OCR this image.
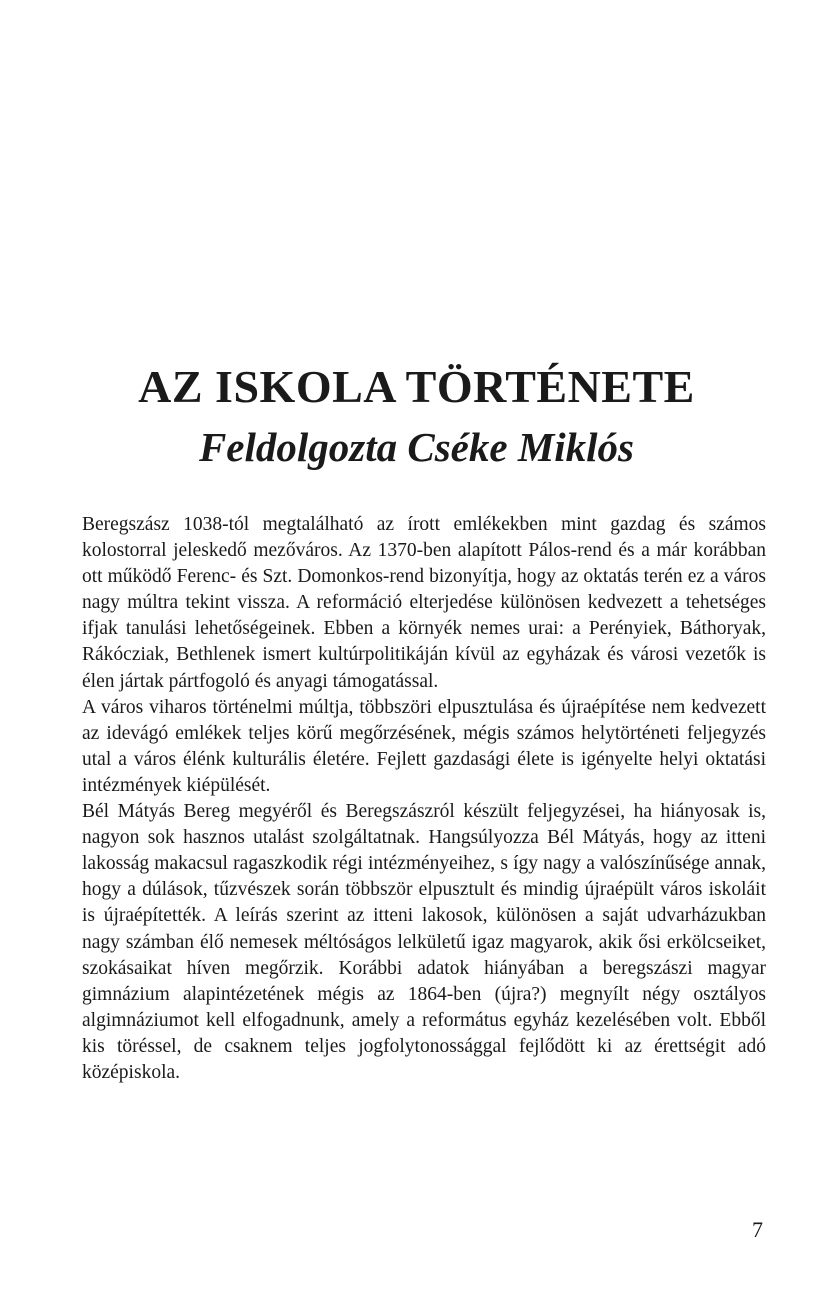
AZ ISKOLA TÖRTÉNETE
Feldolgozta Cséke Miklós

Beregszász 1038-tól megtalálható az írott emlékekben mint gazdag és számos kolostorral jeleskedő mezőváros. Az 1370-ben alapított Pálos-rend és a már korábban ott működő Ferenc- és Szt. Domonkos-rend bizonyítja, hogy az oktatás terén ez a város nagy múltra tekint vissza. A reformáció elterjedése különösen kedvezett a tehetséges ifjak tanulási lehetőségeinek. Ebben a környék nemes urai: a Perényiek, Báthoryak, Rákócziak, Bethlenek ismert kultúrpolitikáján kívül az egyházak és városi vezetők is élen jártak pártfogoló és anyagi támogatással.

A város viharos történelmi múltja, többszöri elpusztulása és újraépítése nem kedvezett az idevágó emlékek teljes körű megőrzésének, mégis számos helytörténeti feljegyzés utal a város élénk kulturális életére. Fejlett gazdasági élete is igényelte helyi oktatási intézmények kiépülését.

Bél Mátyás Bereg megyéről és Beregszászról készült feljegyzései, ha hiányosak is, nagyon sok hasznos utalást szolgáltatnak. Hangsúlyozza Bél Mátyás, hogy az itteni lakosság makacsul ragaszkodik régi intézményeihez, s így nagy a valószínűsége annak, hogy a dúlások, tűzvészek során többször elpusztult és mindig újraépült város iskoláit is újraépítették. A leírás szerint az itteni lakosok, különösen a saját udvarházukban nagy számban élő nemesek méltóságos lelkületű igaz magyarok, akik ősi erkölcseiket, szokásaikat híven megőrzik. Korábbi adatok hiányában a beregszászi magyar gimnázium alapintézetének mégis az 1864-ben (újra?) megnyílt négy osztályos algimnáziumot kell elfogadnunk, amely a református egyház kezelésében volt. Ebből kis töréssel, de csaknem teljes jogfolytonossággal fejlődött ki az érettségit adó középiskola.

7
